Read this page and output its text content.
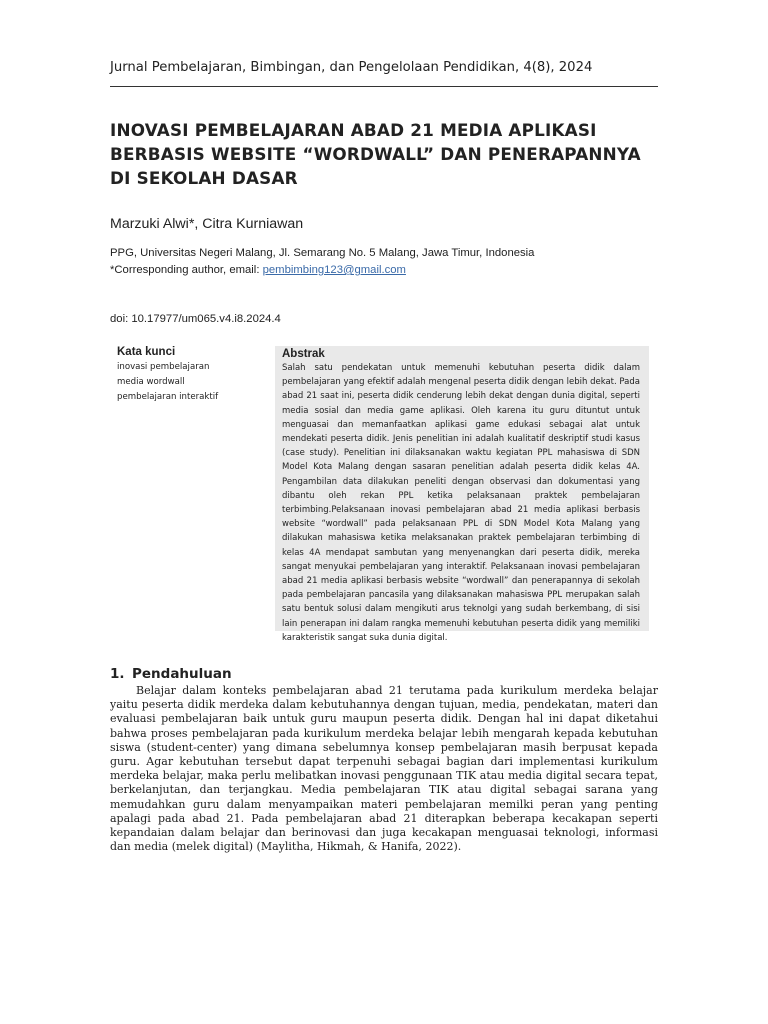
Jurnal Pembelajaran, Bimbingan, dan Pengelolaan Pendidikan, 4(8), 2024
INOVASI PEMBELAJARAN ABAD 21 MEDIA APLIKASI
BERBASIS WEBSITE “WORDWALL” DAN PENERAPANNYA
DI SEKOLAH DASAR
Marzuki Alwi*, Citra Kurniawan
PPG, Universitas Negeri Malang, Jl. Semarang No. 5 Malang, Jawa Timur, Indonesia
*Corresponding author, email: pembimbing123@gmail.com
doi: 10.17977/um065.v4.i8.2024.4
Kata kunci
inovasi pembelajaran
media wordwall
pembelajaran interaktif
Abstrak

Salah satu pendekatan untuk memenuhi kebutuhan peserta didik dalam pembelajaran yang efektif adalah mengenal peserta didik dengan lebih dekat. Pada abad 21 saat ini, peserta didik cenderung lebih dekat dengan dunia digital, seperti media sosial dan media game aplikasi. Oleh karena itu guru dituntut untuk menguasai dan memanfaatkan aplikasi game edukasi sebagai alat untuk mendekati peserta didik. Jenis penelitian ini adalah kualitatif deskriptif studi kasus (case study). Penelitian ini dilaksanakan waktu kegiatan PPL mahasiswa di SDN Model Kota Malang dengan sasaran penelitian adalah peserta didik kelas 4A. Pengambilan data dilakukan peneliti dengan observasi dan dokumentasi yang dibantu oleh rekan PPL ketika pelaksanaan praktek pembelajaran terbimbing.Pelaksanaan inovasi pembelajaran abad 21 media aplikasi berbasis website “wordwall” pada pelaksanaan PPL di SDN Model Kota Malang yang dilakukan mahasiswa ketika melaksanakan praktek pembelajaran terbimbing di kelas 4A mendapat sambutan yang menyenangkan dari peserta didik, mereka sangat menyukai pembelajaran yang interaktif. Pelaksanaan inovasi pembelajaran abad 21 media aplikasi berbasis website “wordwall” dan penerapannya di sekolah pada pembelajaran pancasila yang dilaksanakan mahasiswa PPL merupakan salah satu bentuk solusi dalam mengikuti arus teknolgi yang sudah berkembang, di sisi lain penerapan ini dalam rangka memenuhi kebutuhan peserta didik yang memiliki karakteristik sangat suka dunia digital.

1. Pendahuluan

Belajar dalam konteks pembelajaran abad 21 terutama pada kurikulum merdeka belajar yaitu peserta didik merdeka dalam kebutuhannya dengan tujuan, media, pendekatan, materi dan evaluasi pembelajaran baik untuk guru maupun peserta didik. Dengan hal ini dapat diketahui bahwa proses pembelajaran pada kurikulum merdeka belajar lebih mengarah kepada kebutuhan siswa (student-center) yang dimana sebelumnya konsep pembelajaran masih berpusat kepada guru. Agar kebutuhan tersebut dapat terpenuhi sebagai bagian dari implementasi kurikulum merdeka belajar, maka perlu melibatkan inovasi penggunaan TIK atau media digital secara tepat, berkelanjutan, dan terjangkau. Media pembelajaran TIK atau digital sebagai sarana yang memudahkan guru dalam menyampaikan materi pembelajaran memilki peran yang penting apalagi pada abad 21. Pada pembelajaran abad 21 diterapkan beberapa kecakapan seperti kepandaian dalam belajar dan berinovasi dan juga kecakapan menguasai teknologi, informasi dan media (melek digital) (Maylitha, Hikmah, & Hanifa, 2022).
